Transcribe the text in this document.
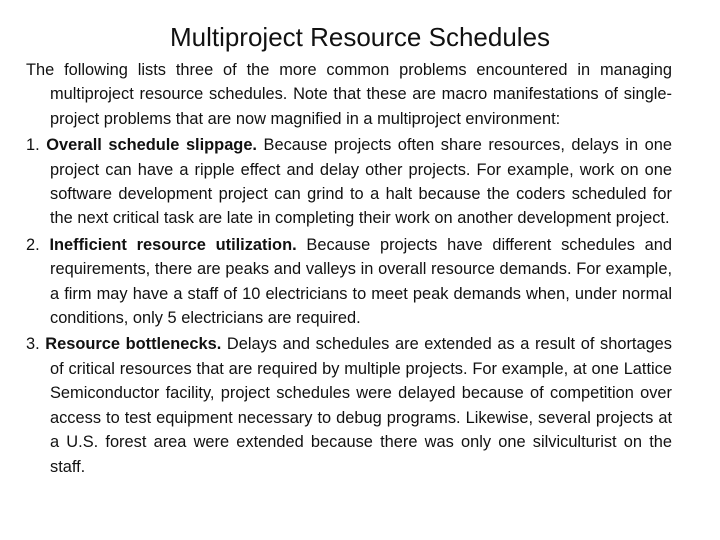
Multiproject Resource Schedules

The following lists three of the more common problems encountered in managing multiproject resource schedules. Note that these are macro manifestations of single-project problems that are now magnified in a multiproject environment:

1. Overall schedule slippage. Because projects often share resources, delays in one project can have a ripple effect and delay other projects. For example, work on one software development project can grind to a halt because the coders scheduled for the next critical task are late in completing their work on another development project.

2. Inefficient resource utilization. Because projects have different schedules and requirements, there are peaks and valleys in overall resource demands. For example, a firm may have a staff of 10 electricians to meet peak demands when, under normal conditions, only 5 electricians are required.

3. Resource bottlenecks. Delays and schedules are extended as a result of shortages of critical resources that are required by multiple projects. For example, at one Lattice Semiconductor facility, project schedules were delayed because of competition over access to test equipment necessary to debug programs. Likewise, several projects at a U.S. forest area were extended because there was only one silviculturist on the staff.
